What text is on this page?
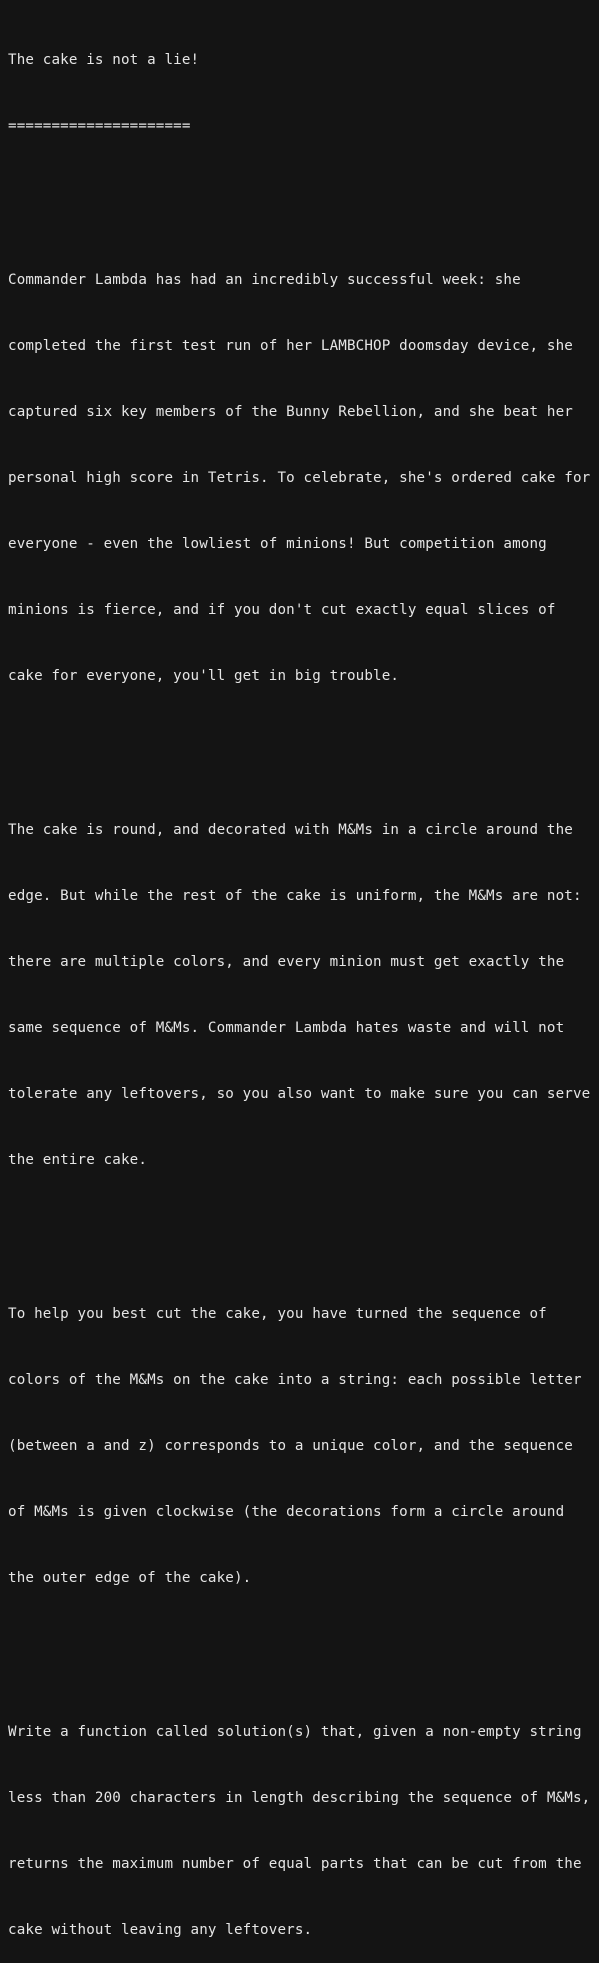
The cake is not a lie!

=====================

Commander Lambda has had an incredibly successful week: she

completed the first test run of her LAMBCHOP doomsday device, she

captured six key members of the Bunny Rebellion, and she beat her

personal high score in Tetris. To celebrate, she's ordered cake for

everyone - even the lowliest of minions! But competition among

minions is fierce, and if you don't cut exactly equal slices of

cake for everyone, you'll get in big trouble.

The cake is round, and decorated with M&Ms in a circle around the

edge. But while the rest of the cake is uniform, the M&Ms are not:

there are multiple colors, and every minion must get exactly the

same sequence of M&Ms. Commander Lambda hates waste and will not

tolerate any leftovers, so you also want to make sure you can serve

the entire cake.

To help you best cut the cake, you have turned the sequence of

colors of the M&Ms on the cake into a string: each possible letter

(between a and z) corresponds to a unique color, and the sequence

of M&Ms is given clockwise (the decorations form a circle around

the outer edge of the cake).

Write a function called solution(s) that, given a non-empty string

less than 200 characters in length describing the sequence of M&Ms,

returns the maximum number of equal parts that can be cut from the

cake without leaving any leftovers.
